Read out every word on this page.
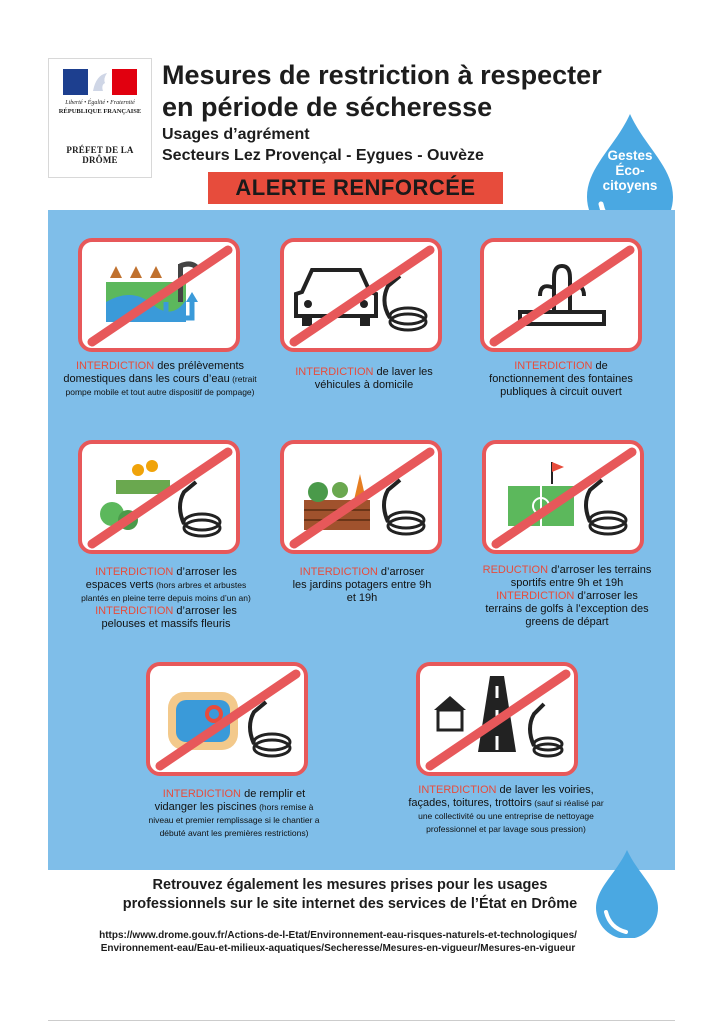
Liberté • Égalité • Fraternité
RÉPUBLIQUE FRANÇAISE
PRÉFET DE LA DRÔME
Mesures de restriction à respecter
en période de sécheresse
Usages d’agrément
Secteurs Lez Provençal - Eygues - Ouvèze
ALERTE RENFORCÉE
Gestes
Éco-
citoyens
INTERDICTION des prélèvements domestiques dans les cours d’eau (retrait pompe mobile et tout autre dispositif de pompage)
INTERDICTION de laver les véhicules à domicile
INTERDICTION de fonctionnement des fontaines publiques à circuit ouvert
INTERDICTION d’arroser les espaces verts (hors arbres et arbustes plantés en pleine terre depuis moins d’un an)
INTERDICTION d’arroser les pelouses et massifs fleuris
INTERDICTION d’arroser les jardins potagers entre 9h et 19h
REDUCTION d’arroser les terrains sportifs entre 9h et 19h
INTERDICTION d’arroser les terrains de golfs à l’exception des greens de départ
INTERDICTION de remplir et vidanger les piscines (hors remise à niveau et premier remplissage si le chantier a débuté avant les premières restrictions)
INTERDICTION de laver les voiries, façades, toitures, trottoirs (sauf si réalisé par une collectivité ou une entreprise de nettoyage professionnel et par lavage sous pression)
Retrouvez également les mesures prises pour les usages
professionnels sur le site internet des services de l’État en Drôme
https://www.drome.gouv.fr/Actions-de-l-Etat/Environnement-eau-risques-naturels-et-technologiques/
Environnement-eau/Eau-et-milieux-aquatiques/Secheresse/Mesures-en-vigueur/Mesures-en-vigueur
